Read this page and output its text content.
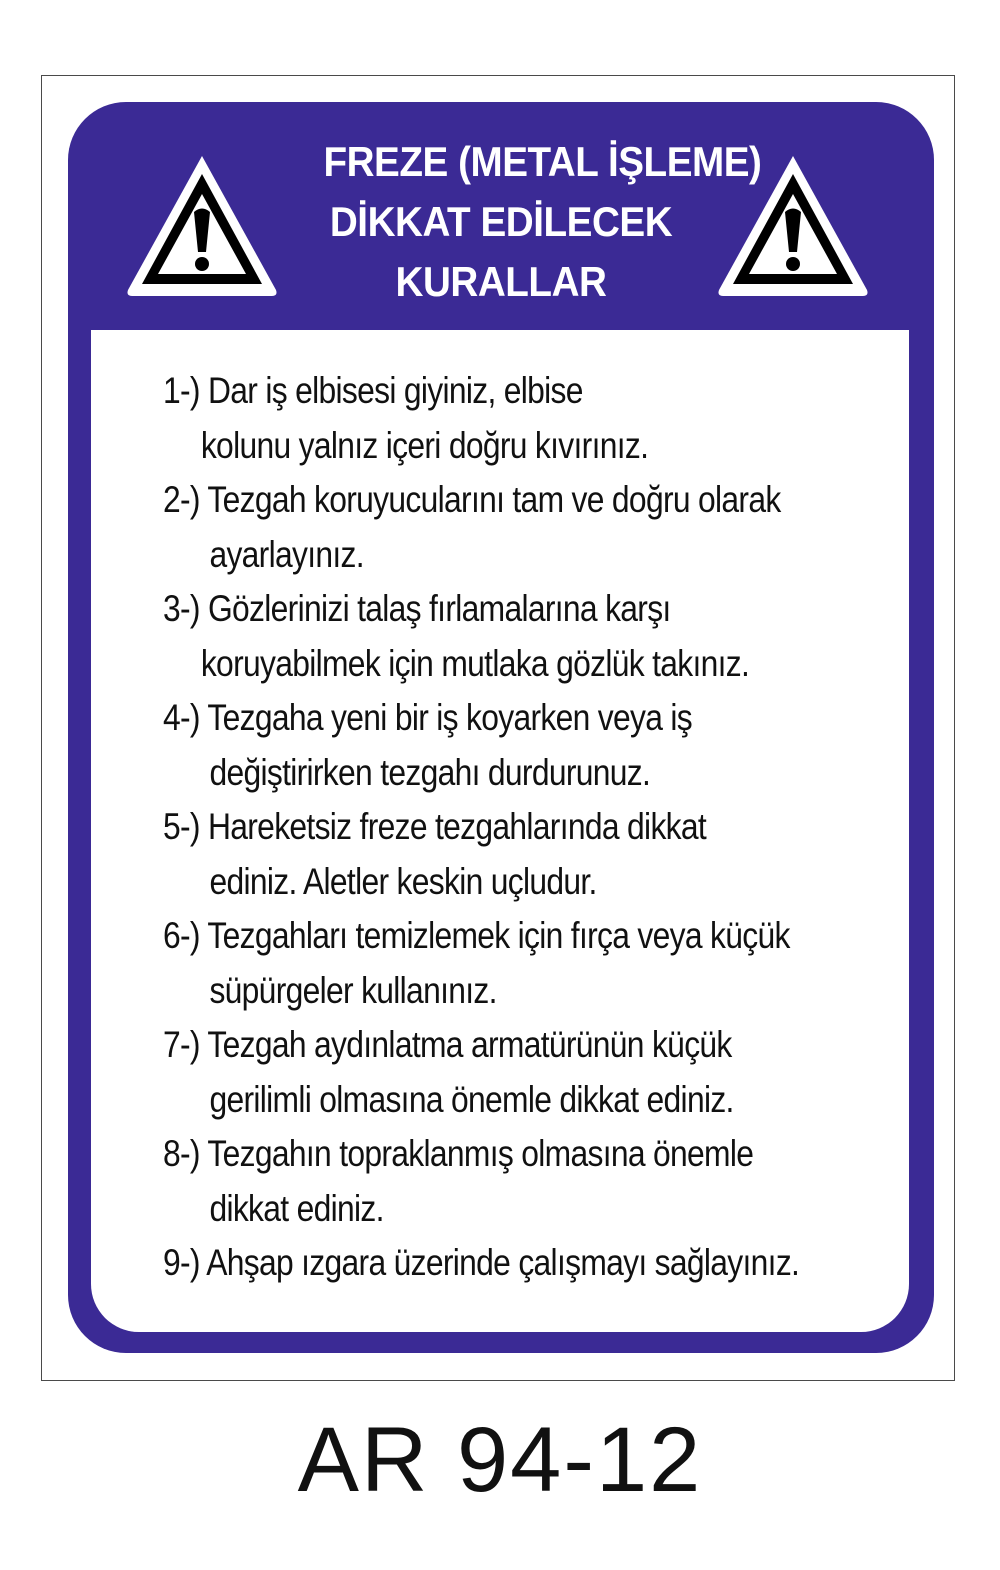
FREZE (METAL İŞLEME)
DİKKAT EDİLECEK
KURALLAR
1-) Dar iş elbisesi giyiniz, elbise
kolunu yalnız içeri doğru kıvırınız.
2-) Tezgah koruyucularını tam ve doğru olarak
ayarlayınız.
3-) Gözlerinizi talaş fırlamalarına karşı
koruyabilmek için mutlaka gözlük takınız.
4-) Tezgaha yeni bir iş koyarken veya iş
değiştirirken tezgahı durdurunuz.
5-) Hareketsiz freze tezgahlarında dikkat
ediniz. Aletler keskin uçludur.
6-) Tezgahları temizlemek için fırça veya küçük
süpürgeler kullanınız.
7-) Tezgah aydınlatma armatürünün küçük
gerilimli olmasına önemle dikkat ediniz.
8-) Tezgahın topraklanmış olmasına önemle
dikkat ediniz.
9-) Ahşap ızgara üzerinde çalışmayı sağlayınız.
AR 94-12
